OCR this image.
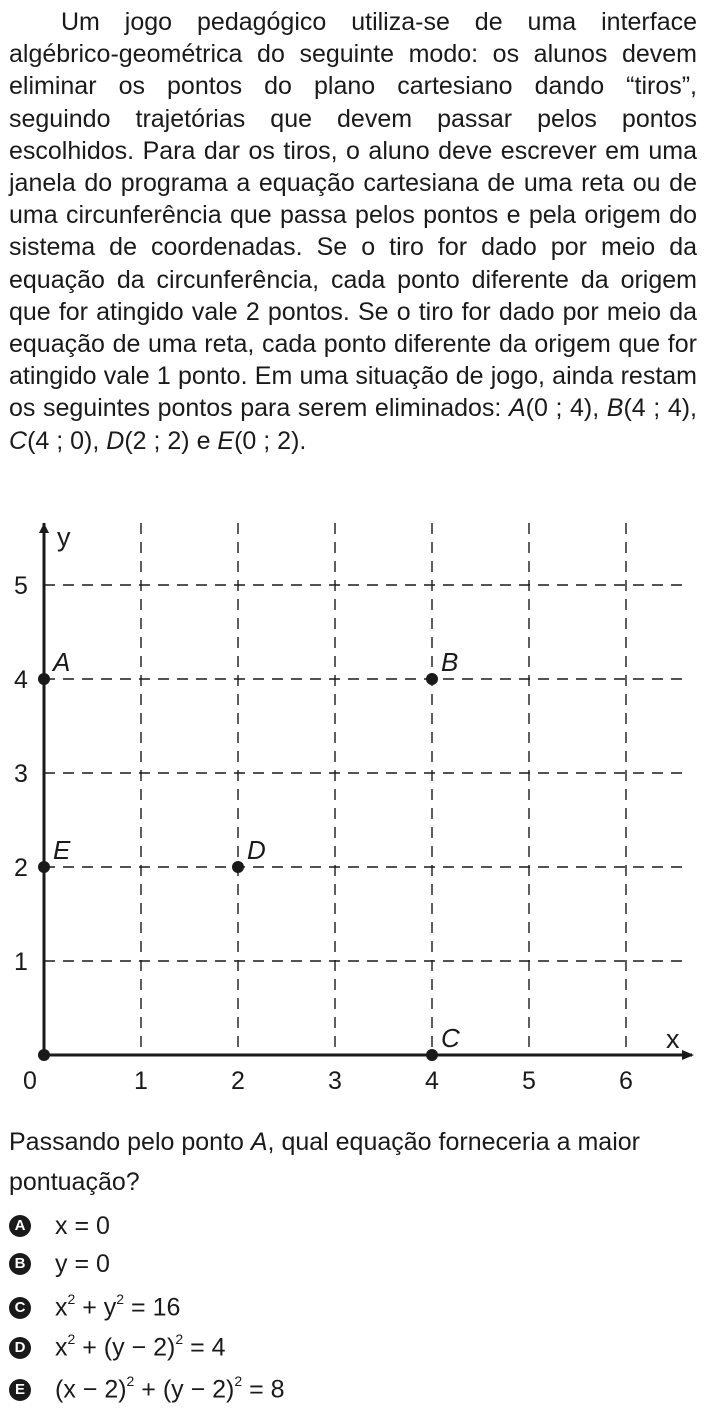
Um jogo pedagógico utiliza-se de uma interface algébrico-geométrica do seguinte modo: os alunos devem eliminar os pontos do plano cartesiano dando “tiros”, seguindo trajetórias que devem passar pelos pontos escolhidos. Para dar os tiros, o aluno deve escrever em uma janela do programa a equação cartesiana de uma reta ou de uma circunferência que passa pelos pontos e pela origem do sistema de coordenadas. Se o tiro for dado por meio da equação da circunferência, cada ponto diferente da origem que for atingido vale 2 pontos. Se o tiro for dado por meio da equação de uma reta, cada ponto diferente da origem que for atingido vale 1 ponto. Em uma situação de jogo, ainda restam os seguintes pontos para serem eliminados: A(0 ; 4), B(4 ; 4), C(4 ; 0), D(2 ; 2) e E(0 ; 2).
y
x
0	1	2	3	4	5	6
1
2
3
4
5
A	B
C
D
E
Passando pelo ponto A, qual equação forneceria a maior pontuação?
A x = 0
B y = 0
C $x^2 + y^2 = 16$
D $x^2 + (y - 2)^2 = 4$
E $(x - 2)^2 + (y - 2)^2 = 8$
